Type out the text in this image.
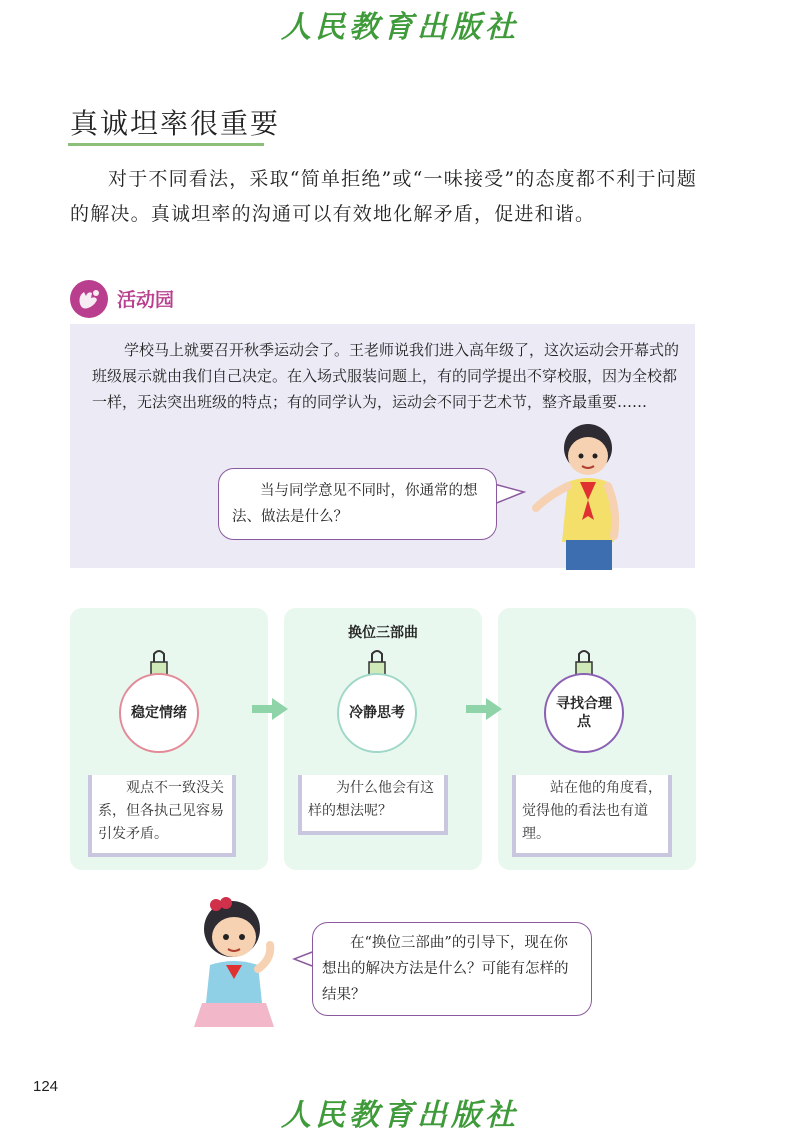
人民教育出版社
真诚坦率很重要
对于不同看法，采取“简单拒绝”或“一味接受”的态度都不利于问题的解决。真诚坦率的沟通可以有效地化解矛盾，促进和谐。
活动园
学校马上就要召开秋季运动会了。王老师说我们进入高年级了，这次运动会开幕式的班级展示就由我们自己决定。在入场式服装问题上，有的同学提出不穿校服，因为全校都一样，无法突出班级的特点；有的同学认为，运动会不同于艺术节，整齐最重要……
当与同学意见不同时，你通常的想法、做法是什么？
换位三部曲
稳定情绪	冷静思考
寻找合理点
观点不一致没关系，但各执己见容易引发矛盾。
为什么他会有这样的想法呢？
站在他的角度看，觉得他的看法也有道理。
在“换位三部曲”的引导下，现在你想出的解决方法是什么？可能有怎样的结果？
124
人民教育出版社
